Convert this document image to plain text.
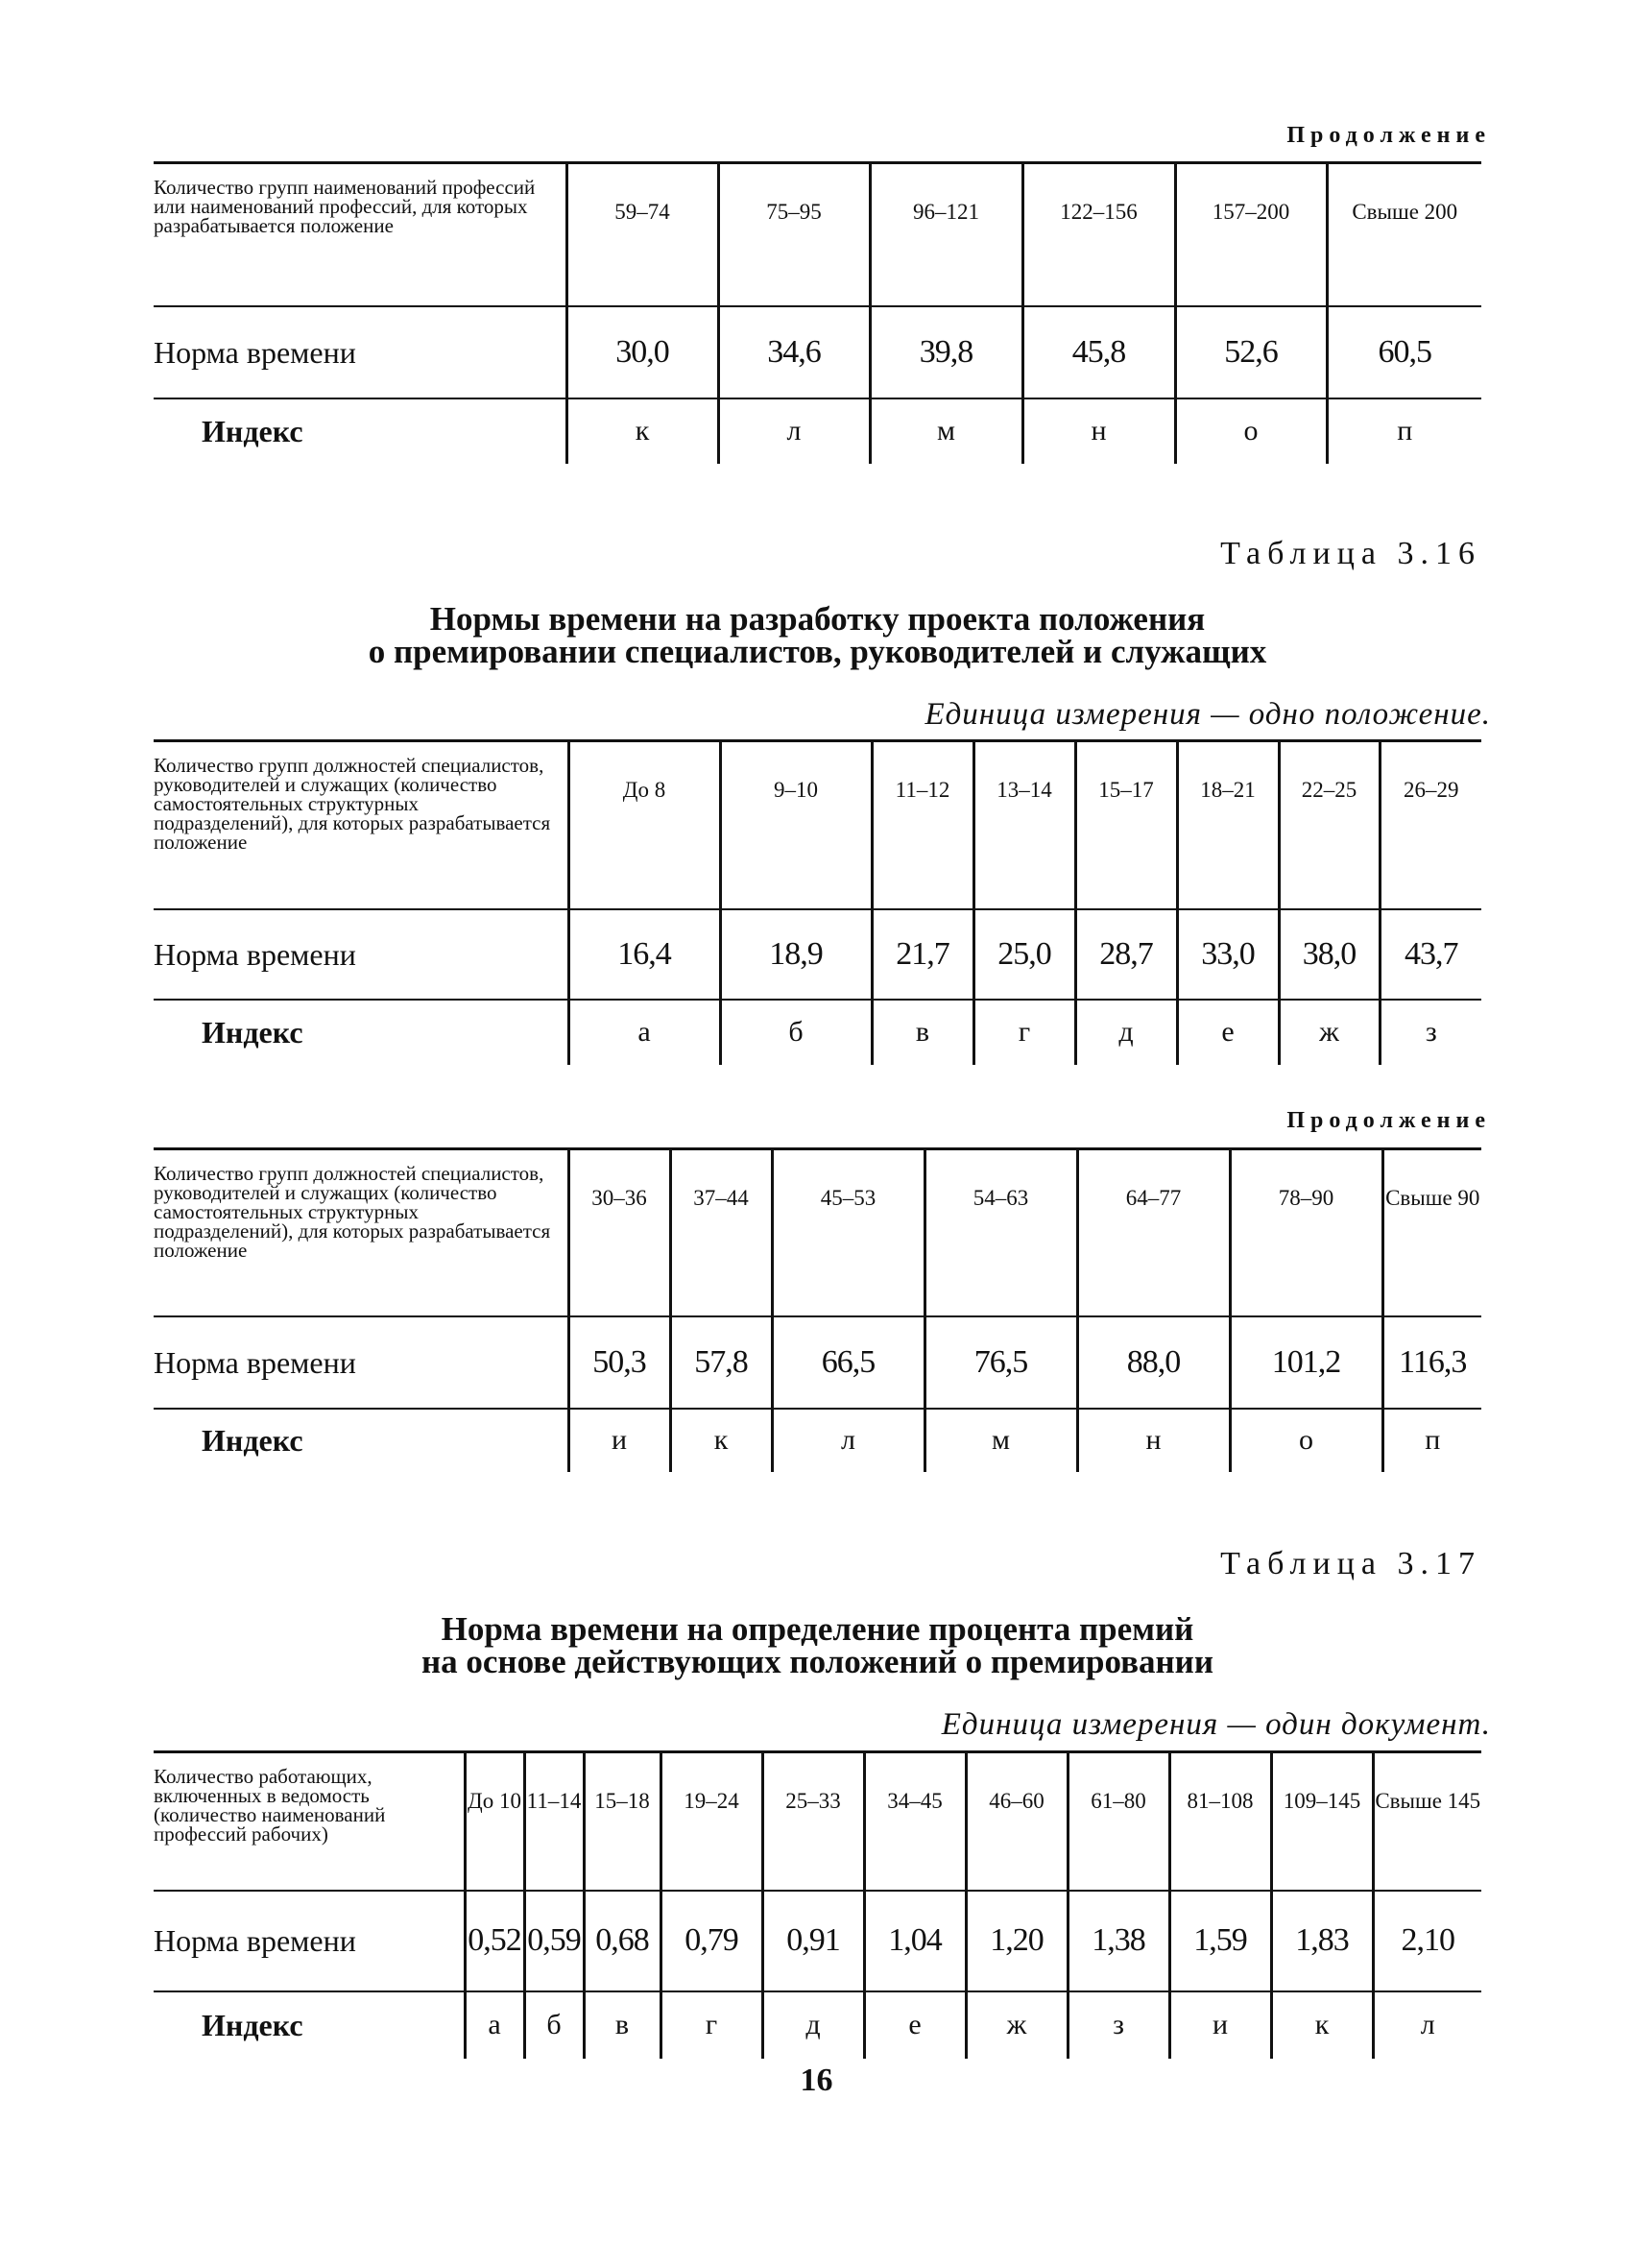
Продолжение
Количество групп наименований профессий или наименований профессий, для которых разрабатывается положение	59–74	75–95	96–121	122–156	157–200	Свыше 200
Норма времени	30,0	34,6	39,8	45,8	52,6	60,5
Индекс	к	л	м	н	о	п
Таблица 3.16
Нормы времени на разработку проекта положения
о премировании специалистов, руководителей и служащих
Единица измерения — одно положение.
Количество групп должностей специалистов, руководителей и служащих (количество самостоятельных структурных подразделений), для которых разрабатывается положение	До 8	9–10	11–12	13–14	15–17	18–21	22–25	26–29
Норма времени	16,4	18,9	21,7	25,0	28,7	33,0	38,0	43,7
Индекс	а	б	в	г	д	е	ж	з
Продолжение
Количество групп должностей специалистов, руководителей и служащих (количество самостоятельных структурных подразделений), для которых разрабатывается положение	30–36	37–44	45–53	54–63	64–77	78–90	Свыше 90
Норма времени	50,3	57,8	66,5	76,5	88,0	101,2	116,3
Индекс	и	к	л	м	н	о	п
Таблица 3.17
Норма времени на определение процента премий
на основе действующих положений о премировании
Единица измерения — один документ.
Количество работающих, включенных в ведомость (количество наименований профессий рабочих)	До 10	11–14	15–18	19–24	25–33	34–45	46–60	61–80	81–108	109–145	Свыше 145
Норма времени	0,52	0,59	0,68	0,79	0,91	1,04	1,20	1,38	1,59	1,83	2,10
Индекс	а	б	в	г	д	е	ж	з	и	к	л
16
